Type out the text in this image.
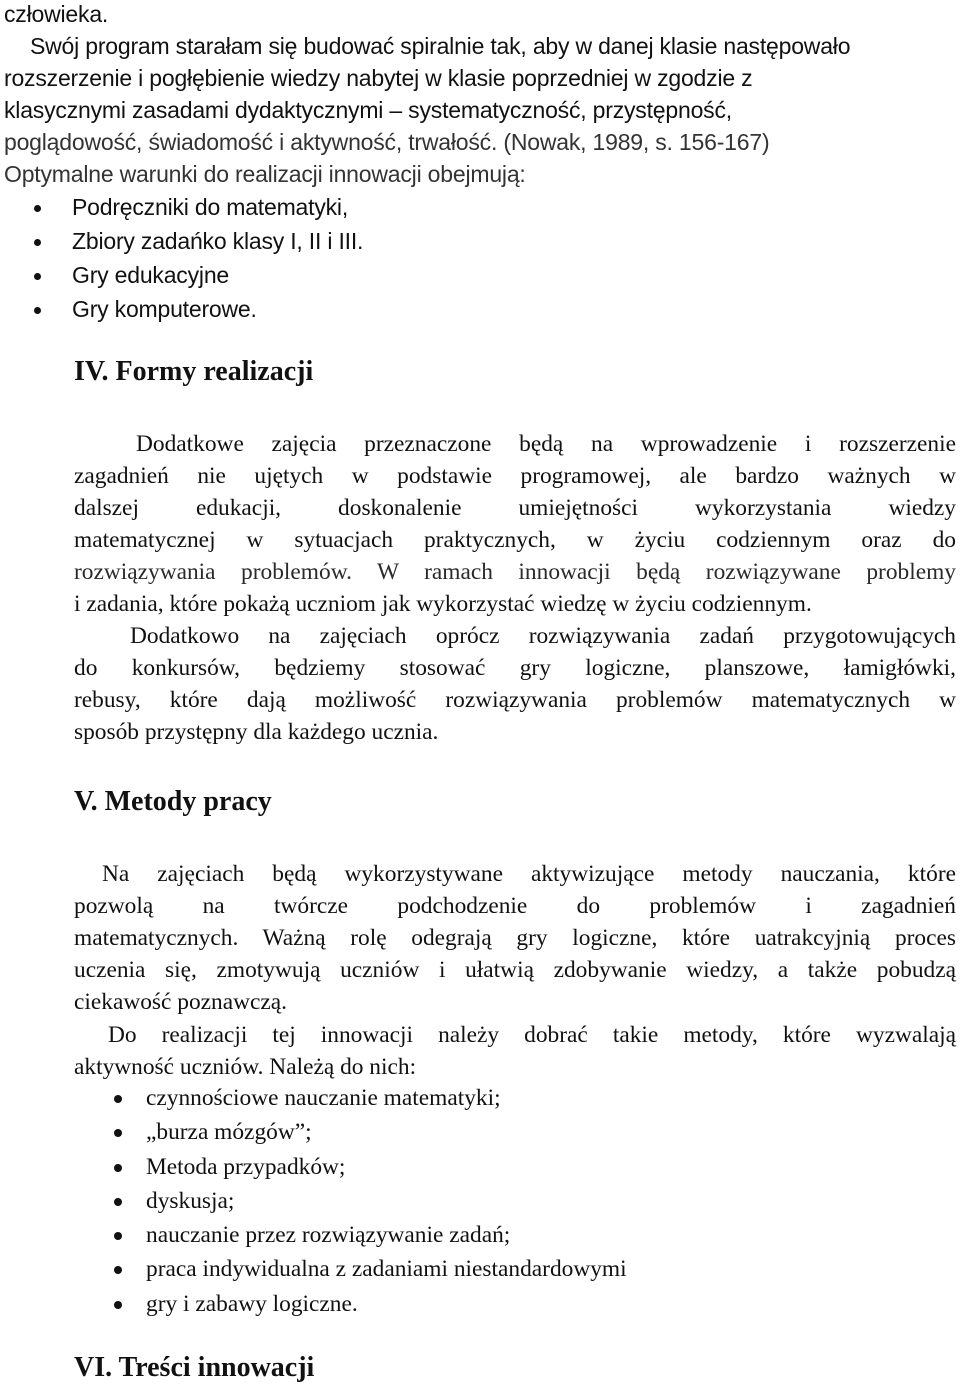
człowieka.
Swój program starałam się budować spiralnie tak, aby w danej klasie następowało
rozszerzenie i pogłębienie wiedzy nabytej w klasie poprzedniej w zgodzie z
klasycznymi zasadami dydaktycznymi – systematyczność, przystępność,
poglądowość, świadomość i aktywność, trwałość. (Nowak, 1989, s. 156-167)
Optymalne warunki do realizacji innowacji obejmują:

Podręczniki do matematyki,
Zbiory zadańko klasy I, II i III.
Gry edukacyjne
Gry komputerowe.
IV. Formy realizacji

Dodatkowe zajęcia przeznaczone będą na wprowadzenie i rozszerzenie
zagadnień nie ujętych w podstawie programowej, ale bardzo ważnych w
dalszej edukacji, doskonalenie umiejętności wykorzystania wiedzy
matematycznej w sytuacjach praktycznych, w życiu codziennym oraz do
rozwiązywania problemów. W ramach innowacji będą rozwiązywane problemy
i zadania, które pokażą uczniom jak wykorzystać wiedzę w życiu codziennym.

Dodatkowo na zajęciach oprócz rozwiązywania zadań przygotowujących
do konkursów, będziemy stosować gry logiczne, planszowe, łamigłówki,
rebusy, które dają możliwość rozwiązywania problemów matematycznych w
sposób przystępny dla każdego ucznia.

V. Metody pracy

Na zajęciach będą wykorzystywane aktywizujące metody nauczania, które
pozwolą na twórcze podchodzenie do problemów i zagadnień
matematycznych. Ważną rolę odegrają gry logiczne, które uatrakcyjnią proces
uczenia się, zmotywują uczniów i ułatwią zdobywanie wiedzy, a także pobudzą
ciekawość poznawczą.

Do realizacji tej innowacji należy dobrać takie metody, które wyzwalają
aktywność uczniów. Należą do nich:

czynnościowe nauczanie matematyki;
„burza mózgów”;
Metoda przypadków;
dyskusja;
nauczanie przez rozwiązywanie zadań;
praca indywidualna z zadaniami niestandardowymi
gry i zabawy logiczne.
VI. Treści innowacji
